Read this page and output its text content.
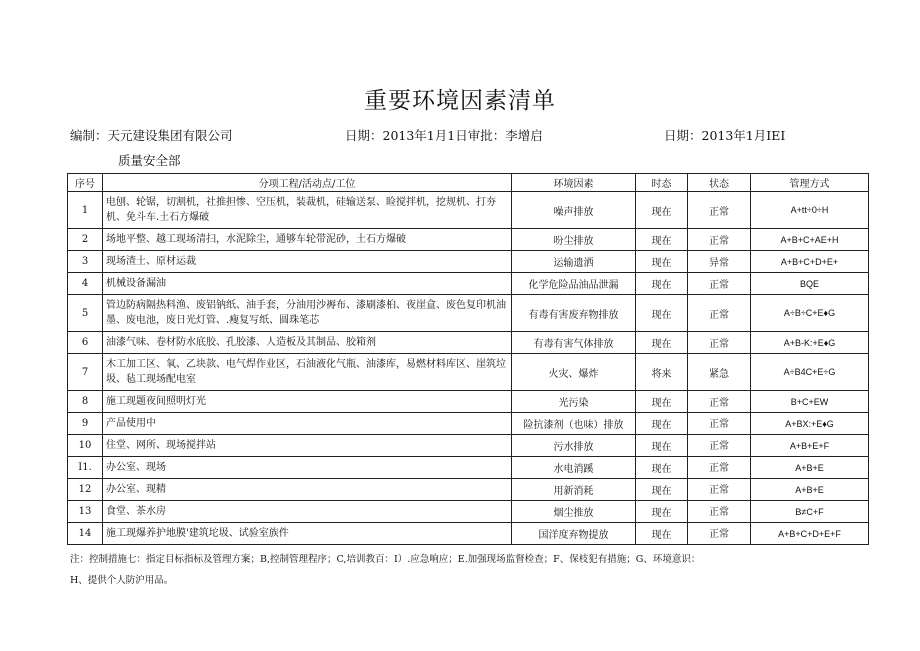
重要环境因素清单
编制：天元建设集团有限公司	日期：2013年1月1日审批：李增启	日期：2013年1月IEI
质量安全部
序号	分项工程/活动点/工位	环境因素	时态	状态	管理方式
1	电刨、轮锯，切割机，社推担惨、空压机，装裁机，硅输送泵、睑搅拌机，挖规机、打夯机、免斗车.土石方爆破	噪声排放	现在	正常	A+tt÷0÷H
2	场地平整、越工现场清扫，水泥除尘，通够车轮带泥砂，土石方爆破	吩尘排放	现在	正常	A+B+C+AE+H
3	现场渣土、原材运裁	运输遗洒	现在	异常	A+B+C+D+E+
4	机械设备漏油	化学危险品油品泄漏	现在	正常	BQE
5	管边防病隔热料渔、废铝钠纸、油手套，分油用沙褥布、漆刷漆桕、夜崖盒、废色复印机油墨、废电池，废日光灯管、.瘦复写纸、圆珠笔芯	有毒有害废弃物排放	现在	正常	A÷B÷C+E♦G
6	油漆气味、卷材防水底胶、孔胶漆、人造板及其制品、胶箱剂	有毒有害气体排放	现在	正常	A+B-K:+E♦G
7	木工加工区、氧、乙块款、电气焊作业区，石油液化气瓶、油漆库，易燃材料库区、崖筑垃圾、毡工现场配电室	火灾、爆炸	将来	紧急	A÷B4C+E÷G
8	施工现题夜间照明灯光	光污染	现在	正常	B+C+EW
9	产品使用中	险抗漆剂（也味）排放	现在	正常	A+BX:+E♦G
10	住堂、网所、现场搅拌站	污水排放	现在	正常	A+B+E+F
I1.	办公室、现场	水电消蹊	现在	正常	A+B+E
12	办公室、现精	用新消耗	现在	正常	A+B+E
13	食堂、茶水房	烟尘推放	现在	正常	B≠C+F
14	施工现爆养护地膜'建筑坨圾、试验室族件	国洋度弃物提放	现在	正常	A+B+C+D+E+F
注：控制措施七：指定目标指标及管理方案；B,控制管理程序；C,培训教百：I）.应急响应；E.加强现场监督检查；F、保枝犯有措施；G、环境意识：
H、提供个人防沪用品。
